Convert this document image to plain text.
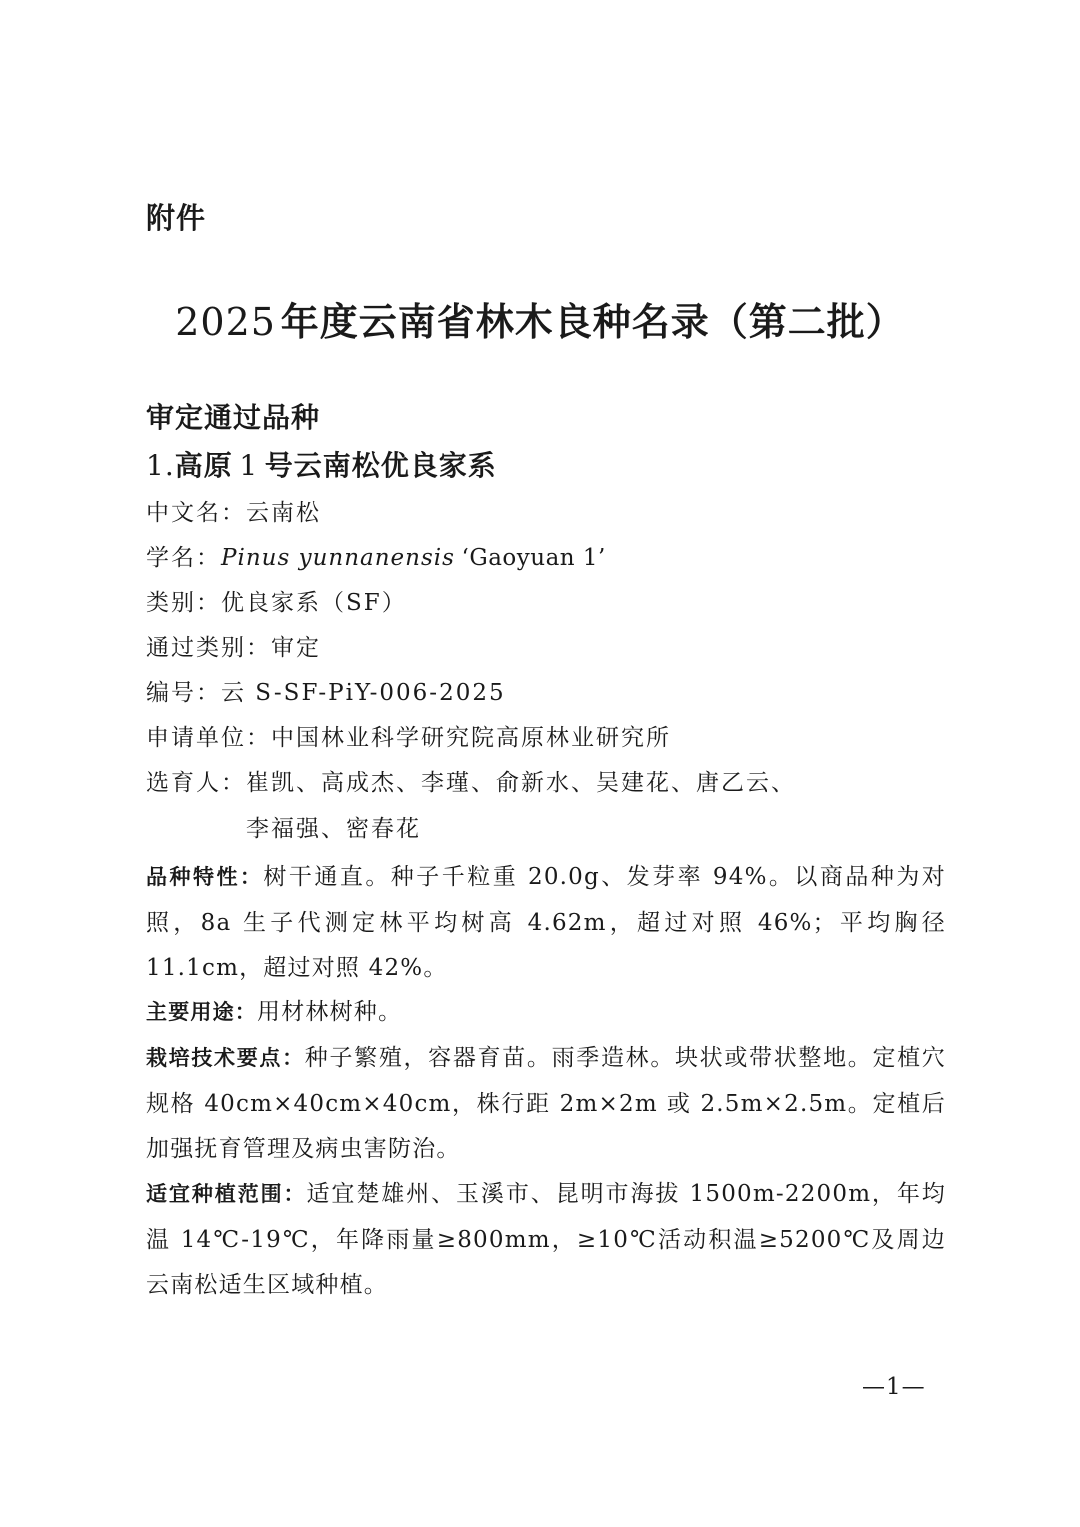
附件
2025  年度云南省林木良种名录（第二批）
审定通过品种
1.高原  1  号云南松优良家系
中文名：云南松
学名：Pinus yunnanensis  ‘Gaoyuan 1’
类别：优良家系（SF）
通过类别：审定
编号：云 S-SF-PiY-006-2025
申请单位：中国林业科学研究院高原林业研究所
选育人：崔凯、高成杰、李瑾、俞新水、吴建花、唐乙云、
李福强、密春花
品种特性：树干通直。种子千粒重 20.0g、发芽率 94%。以商品种为对照，8a 生子代测定林平均树高 4.62m，超过对照 46%；平均胸径 11.1cm，超过对照 42%。
主要用途：用材林树种。
栽培技术要点：种子繁殖，容器育苗。雨季造林。块状或带状整地。定植穴规格 40cm×40cm×40cm，株行距 2m×2m 或 2.5m×2.5m。定植后加强抚育管理及病虫害防治。
适宜种植范围：适宜楚雄州、玉溪市、昆明市海拔 1500m-2200m，年均温 14℃-19℃，年降雨量≥800mm，≥10℃活动积温≥5200℃及周边云南松适生区域种植。
—1—
